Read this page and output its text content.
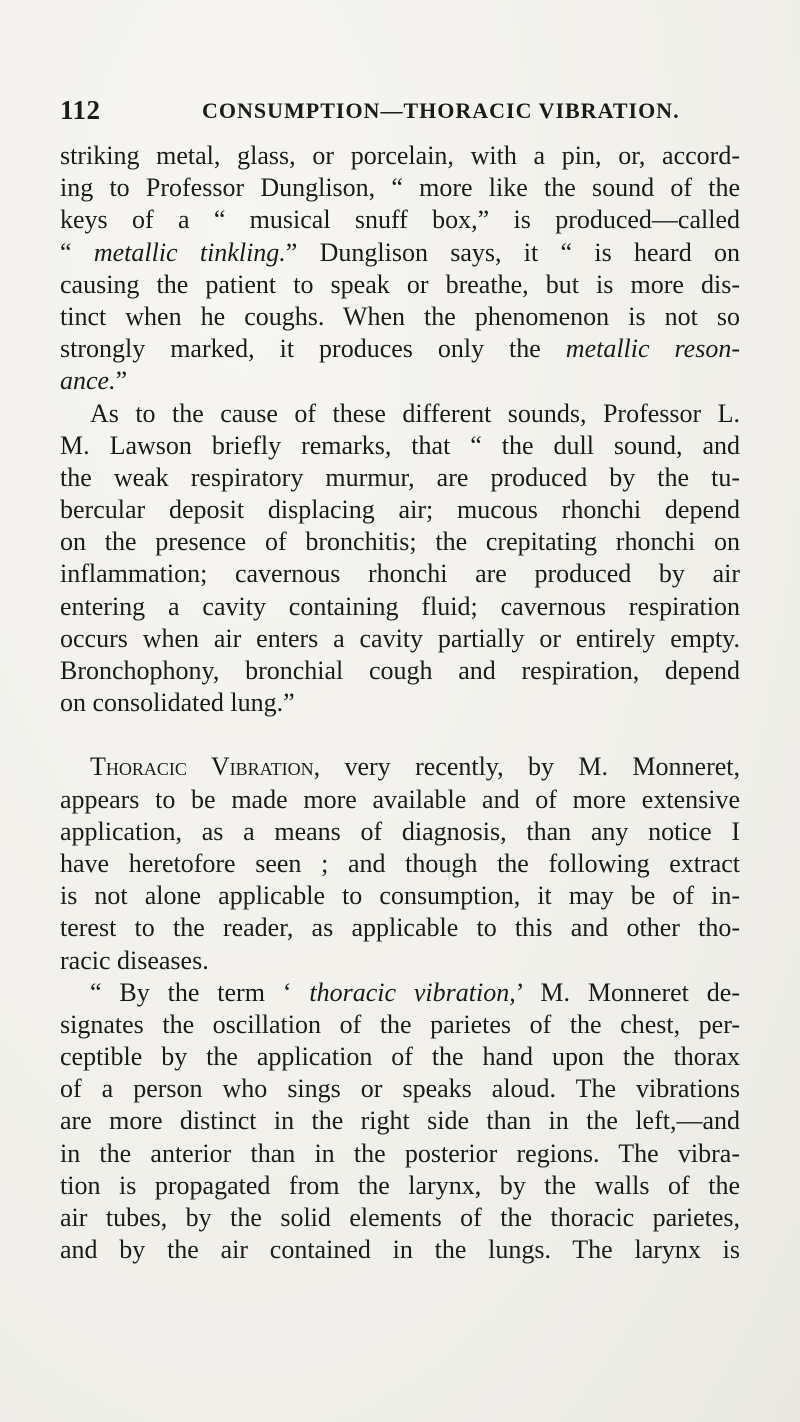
112	CONSUMPTION—THORACIC VIBRATION.
striking metal, glass, or porcelain, with a pin, or, accord-
ing to Professor Dunglison, “ more like the sound of the
keys of a “ musical snuff box,” is produced—called
“ metallic tinkling.” Dunglison says, it “ is heard on
causing the patient to speak or breathe, but is more dis-
tinct when he coughs. When the phenomenon is not so
strongly marked, it produces only the metallic reson-
ance.”
As to the cause of these different sounds, Professor L.
M. Lawson briefly remarks, that “ the dull sound, and
the weak respiratory murmur, are produced by the tu-
bercular deposit displacing air; mucous rhonchi depend
on the presence of bronchitis; the crepitating rhonchi on
inflammation; cavernous rhonchi are produced by air
entering a cavity containing fluid; cavernous respiration
occurs when air enters a cavity partially or entirely empty.
Bronchophony, bronchial cough and respiration, depend
on consolidated lung.”
Thoracic Vibration, very recently, by M. Monneret,
appears to be made more available and of more extensive
application, as a means of diagnosis, than any notice I
have heretofore seen ; and though the following extract
is not alone applicable to consumption, it may be of in-
terest to the reader, as applicable to this and other tho-
racic diseases.
“ By the term ‘ thoracic vibration,’ M. Monneret de-
signates the oscillation of the parietes of the chest, per-
ceptible by the application of the hand upon the thorax
of a person who sings or speaks aloud. The vibrations
are more distinct in the right side than in the left,—and
in the anterior than in the posterior regions. The vibra-
tion is propagated from the larynx, by the walls of the
air tubes, by the solid elements of the thoracic parietes,
and by the air contained in the lungs. The larynx is
